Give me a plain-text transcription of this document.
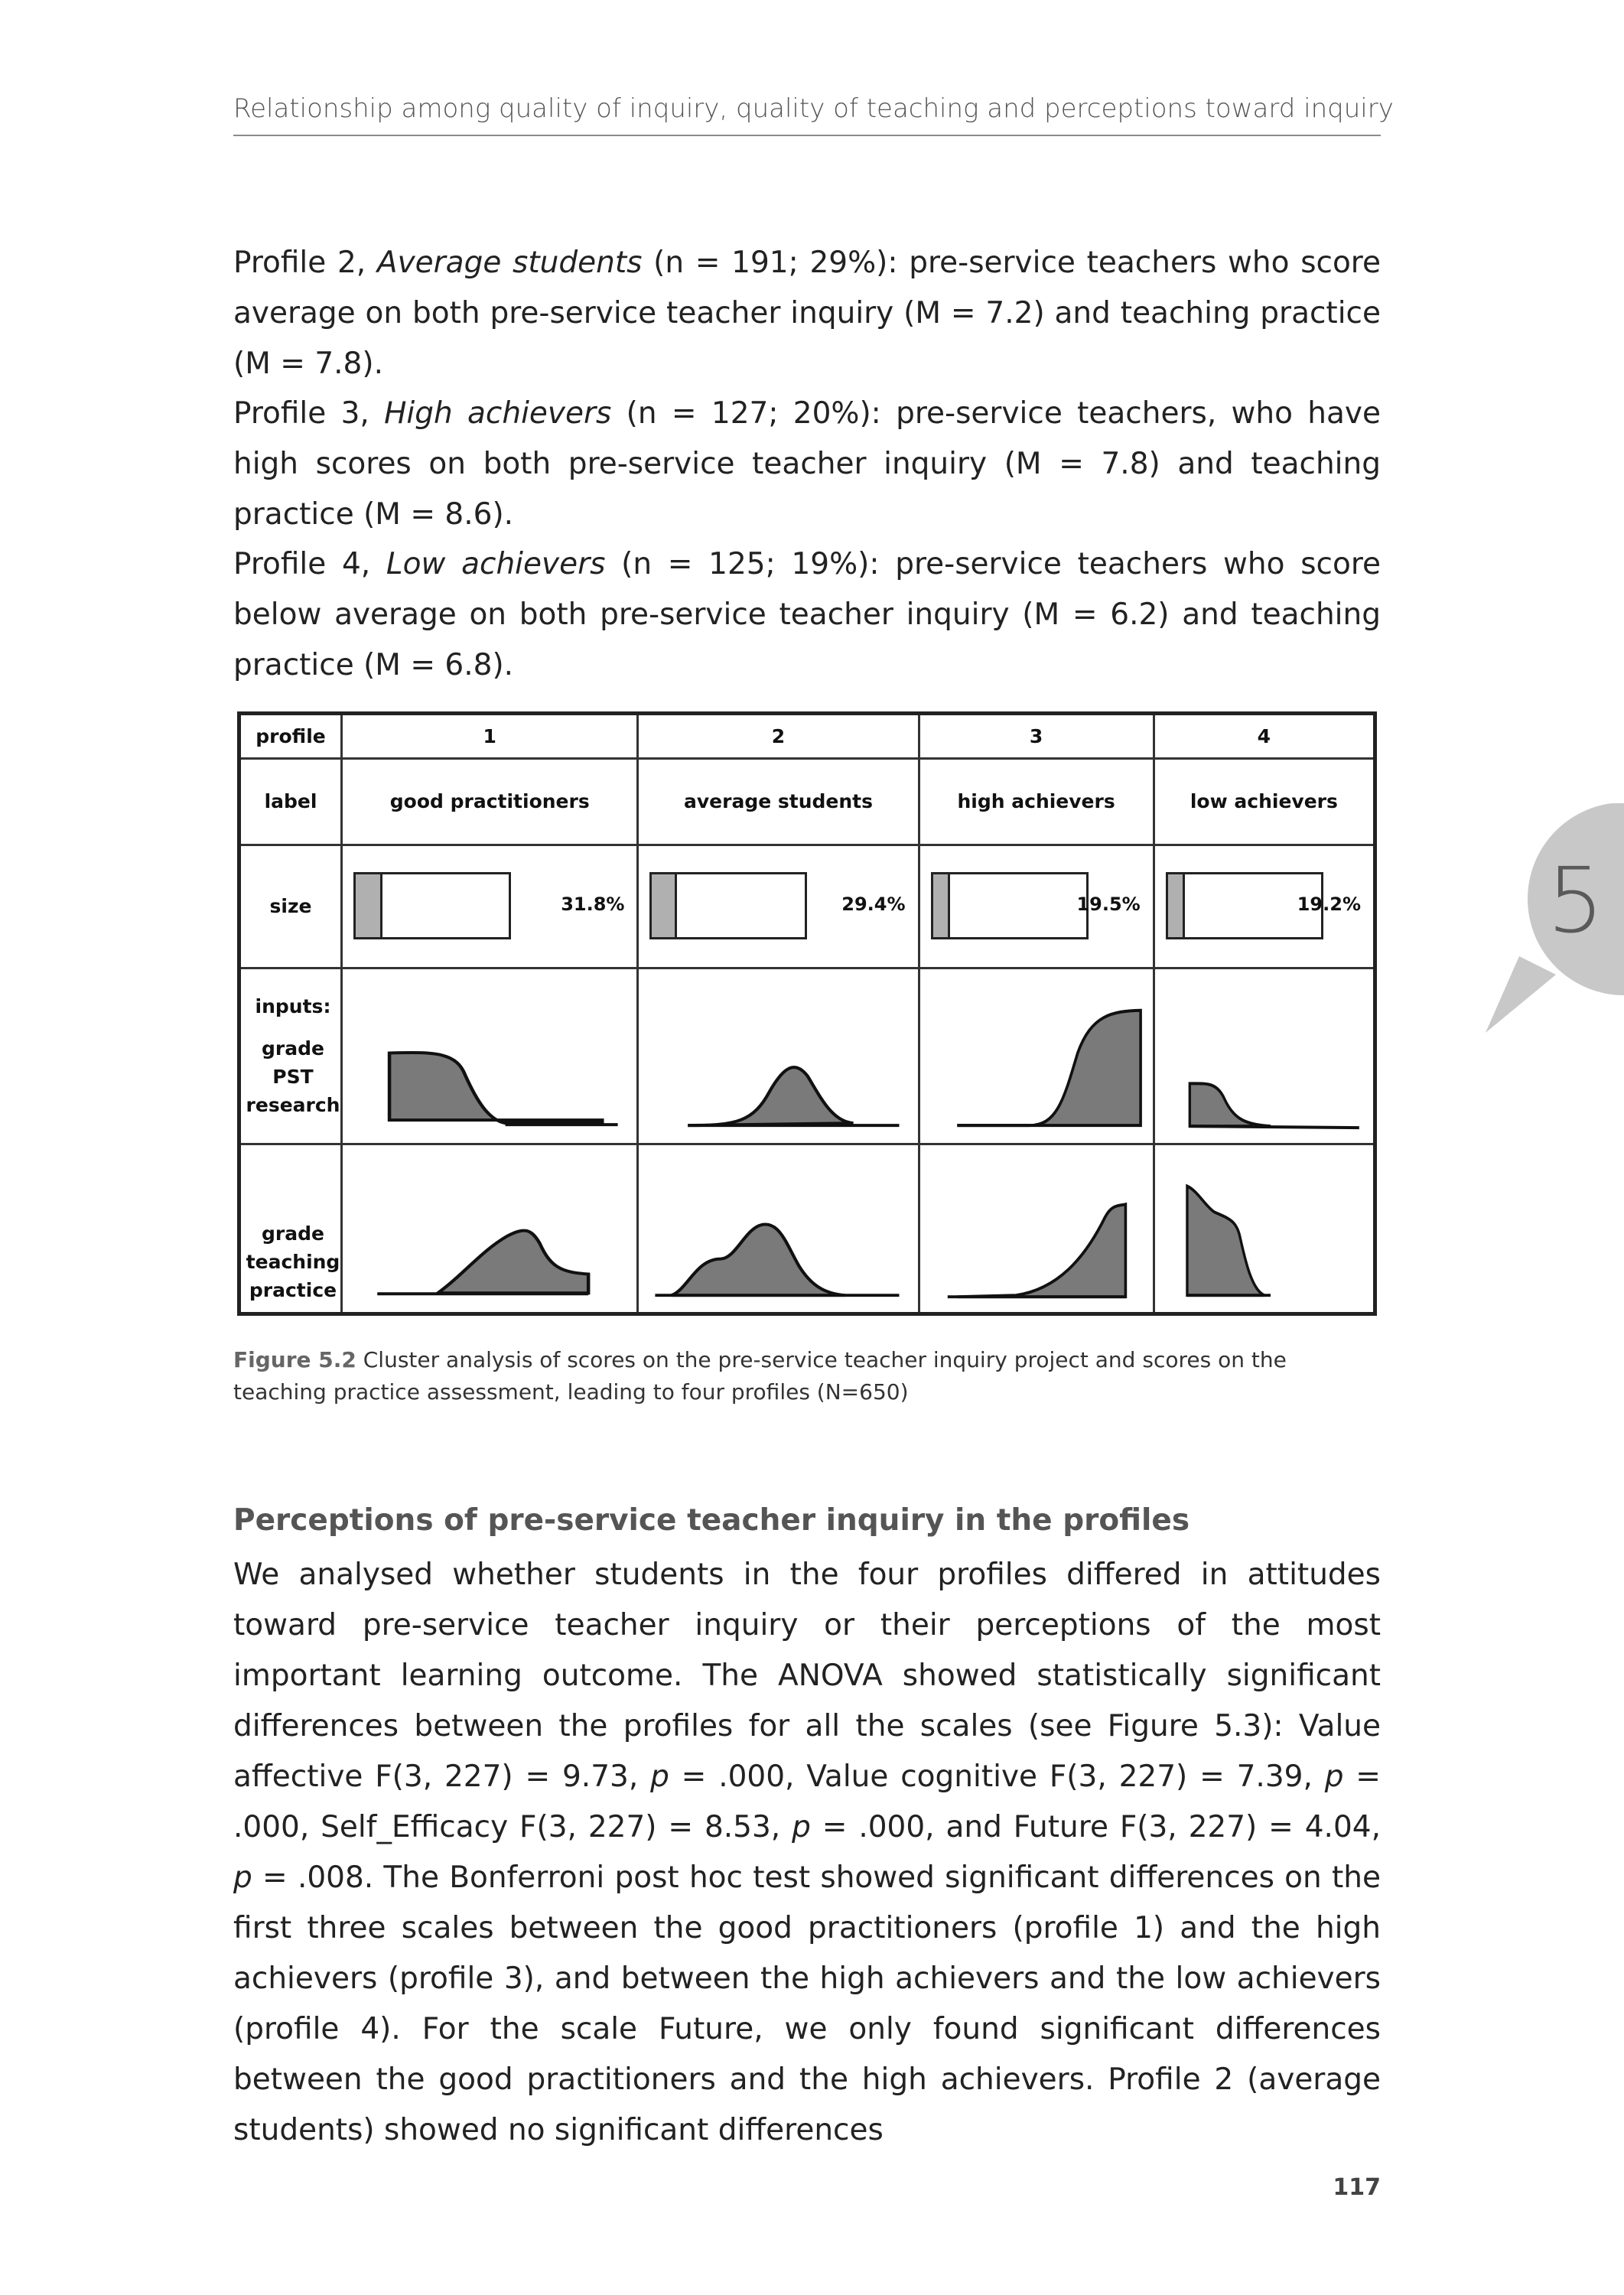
Relationship among quality of inquiry, quality of teaching and perceptions toward inquiry

Profile 2, Average students (n = 191; 29%): pre-service teachers who score average on both pre-service teacher inquiry (M = 7.2) and teaching practice (M = 7.8).

Profile 3, High achievers (n = 127; 20%): pre-service teachers, who have high scores on both pre-service teacher inquiry (M = 7.8) and teaching practice (M = 8.6).

Profile 4, Low achievers (n = 125; 19%): pre-service teachers who score below average on both pre-service teacher inquiry (M = 6.2) and teaching practice (M = 6.8).

profile	1	2	3	4
label	good practitioners	average students	high achievers	low achievers
size	31.8%	29.4%	19.5%	19.2%

inputs:
grade
PST
research

grade
teaching
practice

Figure 5.2 Cluster analysis of scores on the pre-service teacher inquiry project and scores on the teaching practice assessment, leading to four profiles (N=650)

Perceptions of pre-service teacher inquiry in the profiles

We analysed whether students in the four profiles differed in attitudes toward pre-service teacher inquiry or their perceptions of the most important learning outcome. The ANOVA showed statistically significant differences between the profiles for all the scales (see Figure 5.3): Value affective F(3, 227) = 9.73, p = .000, Value cognitive F(3, 227) = 7.39, p = .000, Self_Efficacy F(3, 227) = 8.53, p = .000, and Future F(3, 227) = 4.04, p = .008. The Bonferroni post hoc test showed significant differences on the first three scales between the good practitioners (profile 1) and the high achievers (profile 3), and between the high achievers and the low achievers (profile 4). For the scale Future, we only found significant differences between the good practitioners and the high achievers. Profile 2 (average students) showed no significant differences

5
117
